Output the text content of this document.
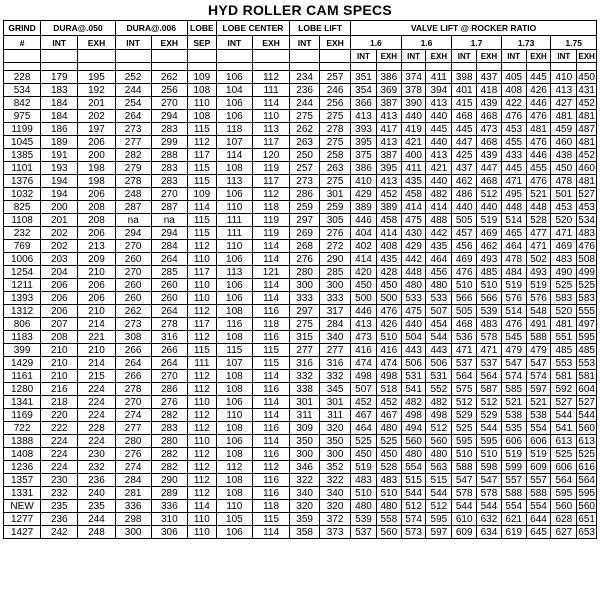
HYD ROLLER CAM SPECS
GRIND	DURA@.050		DURA@.006		LOBE	LOBE CENTER		LOBE LIFT		VALVE LIFT @ ROCKER RATIO									
#	INT	EXH	INT	EXH	SEP	INT	EXH	INT	EXH										
										1.6		1.6		1.7		1.73		1.75	
										INT	EXH	INT	EXH	INT	EXH	INT	EXH	INT	EXH

228	179	195	252	262	109	106	112	234	257	351	386	374	411	398	437	405	445	410	450
534	183	192	244	256	108	104	111	236	246	354	369	378	394	401	418	408	426	413	431
842	184	201	254	270	110	106	114	244	256	366	387	390	413	415	439	422	446	427	452
975	184	202	264	294	108	106	110	275	275	413	413	440	440	468	468	476	476	481	481
1199	186	197	273	283	115	118	113	262	278	393	417	419	445	445	473	453	481	459	487
1045	189	206	277	299	112	107	117	263	275	395	413	421	440	447	468	455	476	460	481
1385	191	200	282	288	117	114	120	250	258	375	387	400	413	425	439	433	446	438	452
1101	193	198	279	283	115	108	119	257	263	386	395	411	421	437	447	445	455	450	460
1376	194	198	278	283	115	113	117	273	275	410	413	435	440	462	468	471	476	478	481
1032	194	206	248	270	109	106	112	286	301	429	452	458	482	486	512	495	521	501	527
825	200	208	287	287	114	110	118	259	259	389	389	414	414	440	440	448	448	453	453
1108	201	208	na	na	115	111	119	297	305	446	458	475	488	505	519	514	528	520	534
232	202	206	294	294	115	111	119	269	276	404	414	430	442	457	469	465	477	471	483
769	202	213	270	284	112	110	114	268	272	402	408	429	435	456	462	464	471	469	476
1006	203	209	260	264	110	106	114	276	290	414	435	442	464	469	493	478	502	483	508
1254	204	210	270	285	117	113	121	280	285	420	428	448	456	476	485	484	493	490	499
1211	206	206	260	260	110	106	114	300	300	450	450	480	480	510	510	519	519	525	525
1393	206	206	260	260	110	106	114	333	333	500	500	533	533	566	566	576	576	583	583
1312	206	210	262	264	112	108	116	297	317	446	476	475	507	505	539	514	548	520	555
806	207	214	273	278	117	116	118	275	284	413	426	440	454	468	483	476	491	481	497
1183	208	221	308	316	112	108	116	315	340	473	510	504	544	536	578	545	588	551	595
399	210	210	266	266	115	115	115	277	277	416	416	443	443	471	471	479	479	485	485
1429	210	214	264	264	111	107	115	316	316	474	474	506	506	537	537	547	547	553	553
1161	210	215	266	270	112	108	114	332	332	498	498	531	531	564	564	574	574	581	581
1280	216	224	278	286	112	108	116	338	345	507	518	541	552	575	587	585	597	592	604
1341	218	224	270	276	110	106	114	301	301	452	452	482	482	512	512	521	521	527	527
1169	220	224	274	282	112	110	114	311	311	467	467	498	498	529	529	538	538	544	544
722	222	228	277	283	112	108	116	309	320	464	480	494	512	525	544	535	554	541	560
1388	224	224	280	280	110	106	114	350	350	525	525	560	560	595	595	606	606	613	613
1408	224	230	276	282	112	108	116	300	300	450	450	480	480	510	510	519	519	525	525
1236	224	232	274	282	112	112	112	346	352	519	528	554	563	588	598	599	609	606	616
1357	230	236	284	290	112	108	116	322	322	483	483	515	515	547	547	557	557	564	564
1331	232	240	281	289	112	108	116	340	340	510	510	544	544	578	578	588	588	595	595
NEW	235	235	336	336	114	110	118	320	320	480	480	512	512	544	544	554	554	560	560
1277	236	244	298	310	110	105	115	359	372	539	558	574	595	610	632	621	644	628	651
1427	242	248	300	306	110	106	114	358	373	537	560	573	597	609	634	619	645	627	653
